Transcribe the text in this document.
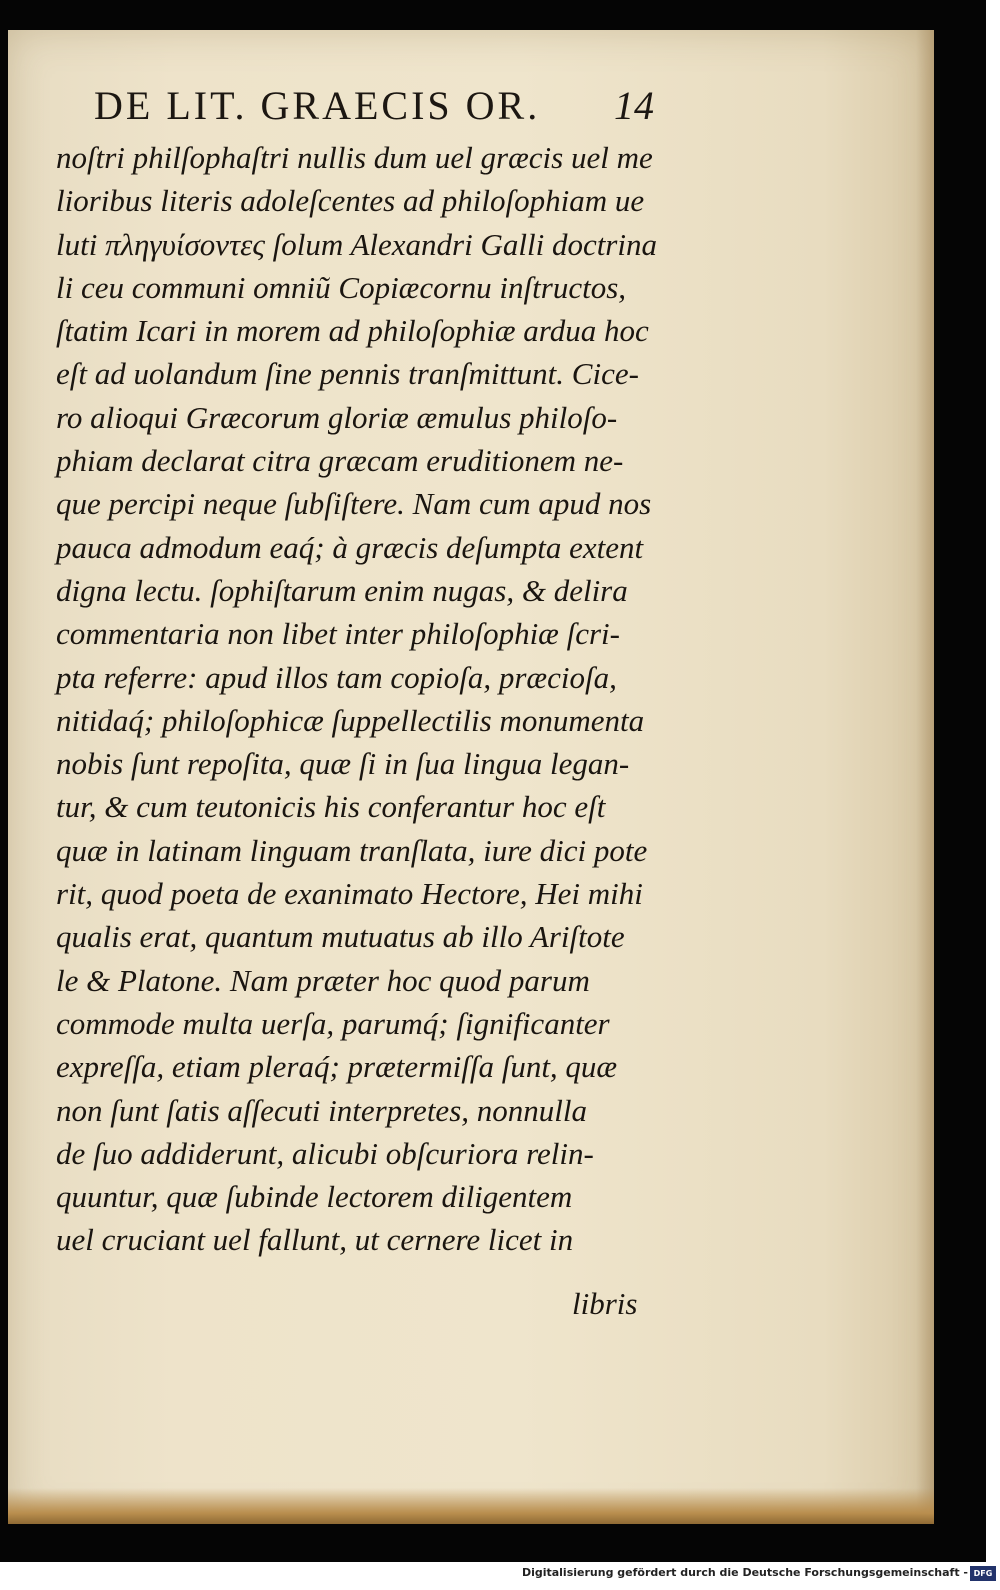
DE LIT. GRAECIS OR. 14
noſtri philſophaſtri nullis dum uel græcis uel me
lioribus literis adoleſcentes ad philoſophiam ue
luti πληγυίσοντες ſolum Alexandri Galli doctrina
li ceu communi omniũ Copiæcornu inſtructos,
ſtatim Icari in morem ad philoſophiæ ardua hoc
eſt ad uolandum ſine pennis tranſmittunt. Cice-
ro alioqui Græcorum gloriæ æmulus philoſo-
phiam declarat citra græcam eruditionem ne-
que percipi neque ſubſiſtere. Nam cum apud nos
pauca admodum eaq́; à græcis deſumpta extent
digna lectu. ſophiſtarum enim nugas, & delira
commentaria non libet inter philoſophiæ ſcri-
pta referre: apud illos tam copioſa, præcioſa,
nitidaq́; philoſophicæ ſuppellectilis monumenta
nobis ſunt repoſita, quæ ſi in ſua lingua legan-
tur, & cum teutonicis his conferantur hoc eſt
quæ in latinam linguam tranſlata, iure dici pote
rit, quod poeta de exanimato Hectore, Hei mihi
qualis erat, quantum mutuatus ab illo Ariſtote
le & Platone. Nam præter hoc quod parum
commode multa uerſa, parumq́; ſignificanter
expreſſa, etiam pleraq́; prætermiſſa ſunt, quæ
non ſunt ſatis aſſecuti interpretes, nonnulla
de ſuo addiderunt, alicubi obſcuriora relin-
quuntur, quæ ſubinde lectorem diligentem
uel cruciant uel fallunt, ut cernere licet in
libris
Digitalisierung gefördert durch die Deutsche Forschungsgemeinschaft - DFG
